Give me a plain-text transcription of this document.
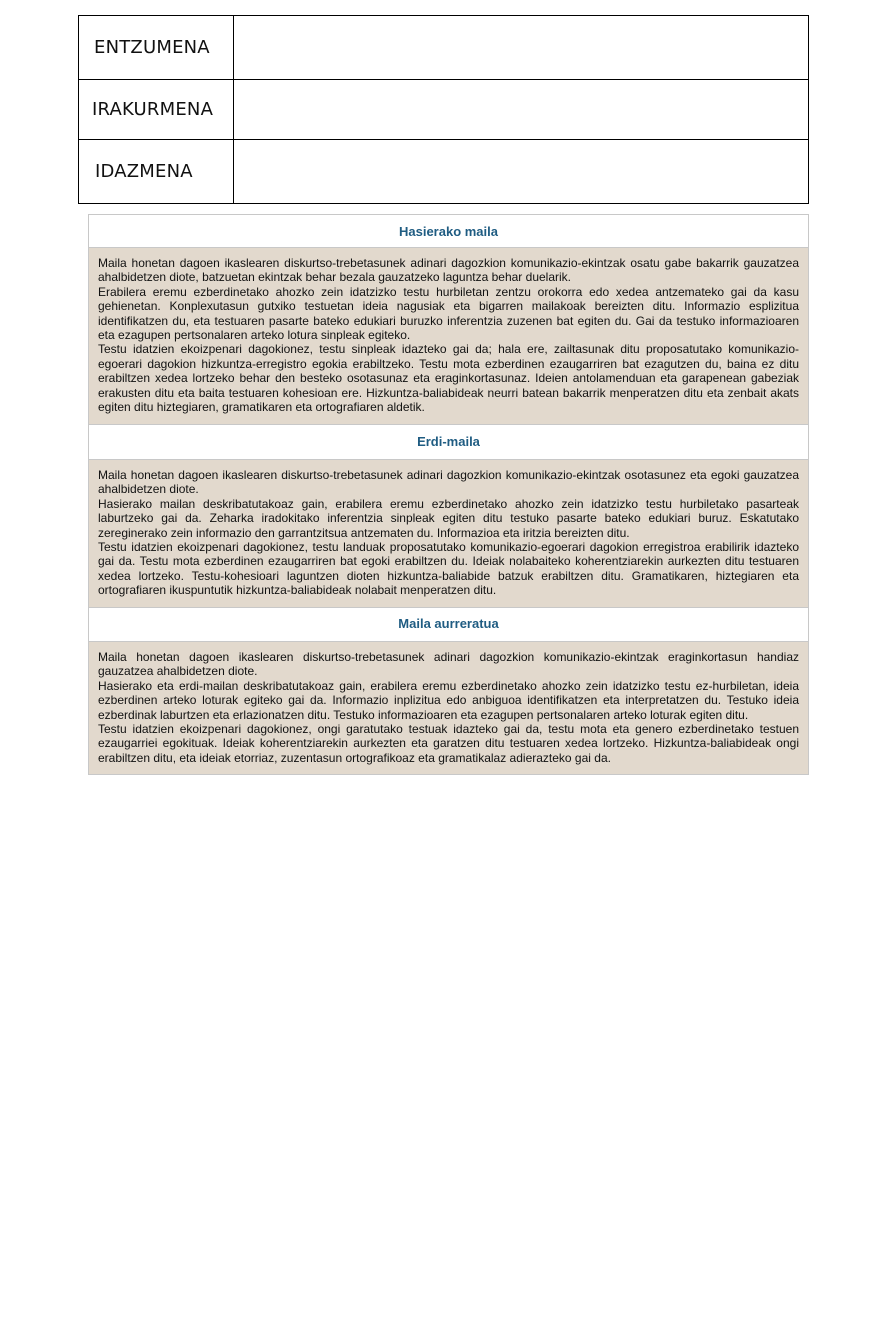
ENTZUMENA	

IRAKURMENA	

IDAZMENA	

Hasierako maila

Maila honetan dagoen ikaslearen diskurtso-trebetasunek adinari dagozkion komunikazio-ekintzak osatu gabe bakarrik gauzatzea ahalbidetzen diote, batzuetan ekintzak behar bezala gauzatzeko laguntza behar duelarik.

Erabilera eremu ezberdinetako ahozko zein idatzizko testu hurbiletan zentzu orokorra edo xedea antzemateko gai da kasu gehienetan. Konplexutasun gutxiko testuetan ideia nagusiak eta bigarren mailakoak bereizten ditu. Informazio esplizitua identifikatzen du, eta testuaren pasarte bateko edukiari buruzko inferentzia zuzenen bat egiten du. Gai da testuko informazioaren eta ezagupen pertsonalaren arteko lotura sinpleak egiteko.

Testu idatzien ekoizpenari dagokionez, testu sinpleak idazteko gai da; hala ere, zailtasunak ditu proposatutako komunikazio-egoerari dagokion hizkuntza-erregistro egokia erabiltzeko. Testu mota ezberdinen ezaugarriren bat ezagutzen du, baina ez ditu erabiltzen xedea lortzeko behar den besteko osotasunaz eta eraginkortasunaz. Ideien antolamenduan eta garapenean gabeziak erakusten ditu eta baita testuaren kohesioan ere. Hizkuntza-baliabideak neurri batean bakarrik menperatzen ditu eta zenbait akats egiten ditu hiztegiaren, gramatikaren eta ortografiaren aldetik.

Erdi-maila

Maila honetan dagoen ikaslearen diskurtso-trebetasunek adinari dagozkion komunikazio-ekintzak osotasunez eta egoki gauzatzea ahalbidetzen diote.

Hasierako mailan deskribatutakoaz gain, erabilera eremu ezberdinetako ahozko zein idatzizko testu hurbiletako pasarteak laburtzeko gai da. Zeharka iradokitako inferentzia sinpleak egiten ditu testuko pasarte bateko edukiari buruz. Eskatutako zereginerako zein informazio den garrantzitsua antzematen du. Informazioa eta iritzia bereizten ditu.

Testu idatzien ekoizpenari dagokionez, testu landuak proposatutako komunikazio-egoerari dagokion erregistroa erabilirik idazteko gai da. Testu mota ezberdinen ezaugarriren bat egoki erabiltzen du. Ideiak nolabaiteko koherentziarekin aurkezten ditu testuaren xedea lortzeko. Testu-kohesioari laguntzen dioten hizkuntza-baliabide batzuk erabiltzen ditu. Gramatikaren, hiztegiaren eta ortografiaren ikuspuntutik hizkuntza-baliabideak nolabait menperatzen ditu.

Maila aurreratua

Maila honetan dagoen ikaslearen diskurtso-trebetasunek adinari dagozkion komunikazio-ekintzak eraginkortasun handiaz gauzatzea ahalbidetzen diote.

Hasierako eta erdi-mailan deskribatutakoaz gain, erabilera eremu ezberdinetako ahozko zein idatzizko testu ez-hurbiletan, ideia ezberdinen arteko loturak egiteko gai da. Informazio inplizitua edo anbiguoa identifikatzen eta interpretatzen du. Testuko ideia ezberdinak laburtzen eta erlazionatzen ditu. Testuko informazioaren eta ezagupen pertsonalaren arteko loturak egiten ditu.

Testu idatzien ekoizpenari dagokionez, ongi garatutako testuak idazteko gai da, testu mota eta genero ezberdinetako testuen ezaugarriei egokituak. Ideiak koherentziarekin aurkezten eta garatzen ditu testuaren xedea lortzeko. Hizkuntza-baliabideak ongi erabiltzen ditu, eta ideiak etorriaz, zuzentasun ortografikoaz eta gramatikalaz adierazteko gai da.
